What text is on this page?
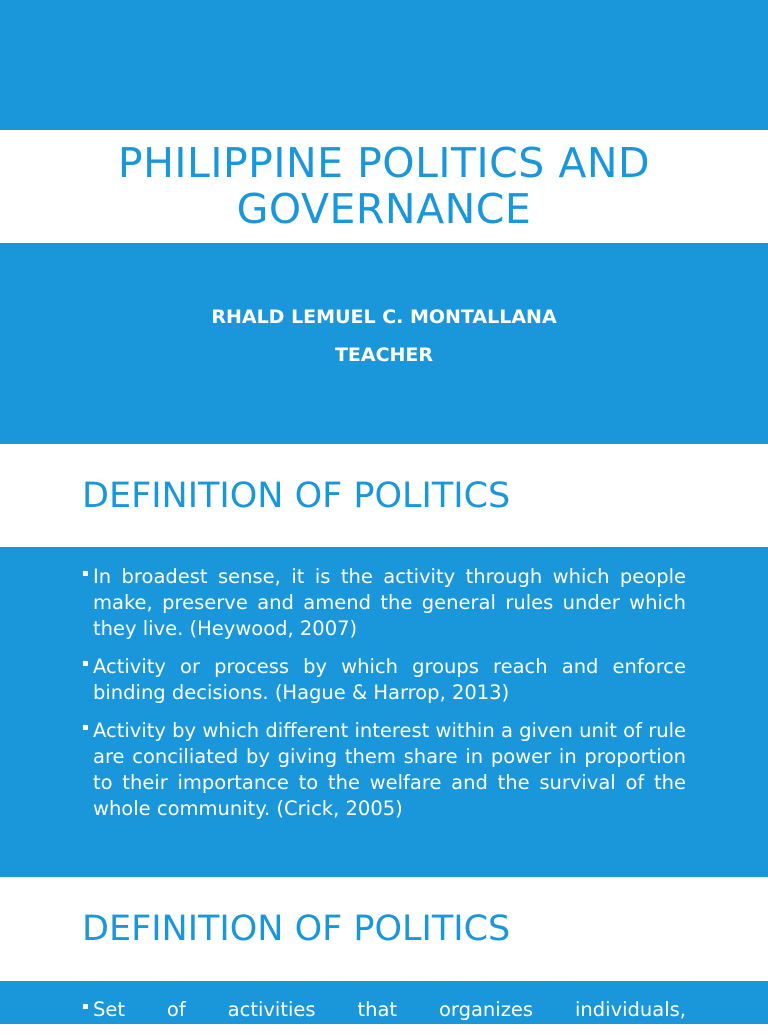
PHILIPPINE POLITICS AND GOVERNANCE

RHALD LEMUEL C. MONTALLANA

TEACHER

DEFINITION OF POLITICS
▪ In broadest sense, it is the activity through which people make, preserve and amend the general rules under which they live. (Heywood, 2007)
▪ Activity or process by which groups reach and enforce binding decisions. (Hague & Harrop, 2013)
▪ Activity by which different interest within a given unit of rule are conciliated by giving them share in power in proportion to their importance to the welfare and the survival of the whole community. (Crick, 2005)
DEFINITION OF POLITICS
▪ Set of activities that organizes individuals,
